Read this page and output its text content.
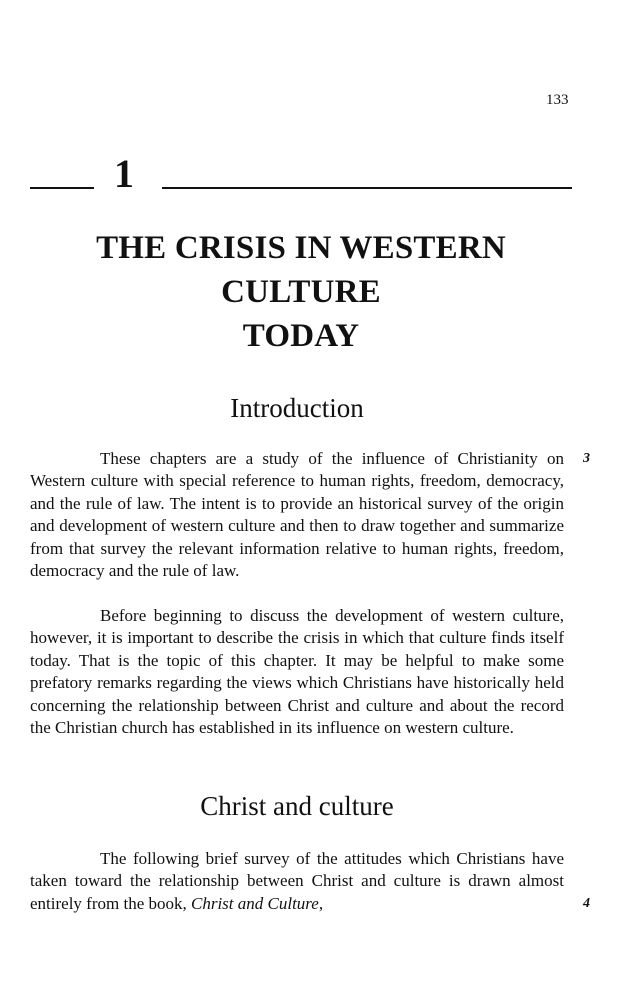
133
1
THE CRISIS IN WESTERN CULTURE
TODAY
Introduction

These chapters are a study of the influence of Christianity on Western culture with special reference to human rights, freedom, democracy, and the rule of law. The intent is to provide an historical survey of the origin and development of western culture and then to draw together and summarize from that survey the relevant information relative to human rights, freedom, democracy and the rule of law.

Before beginning to discuss the development of western culture, however, it is important to describe the crisis in which that culture finds itself today. That is the topic of this chapter. It may be helpful to make some prefatory remarks regarding the views which Christians have historically held concerning the relationship between Christ and culture and about the record the Christian church has established in its influence on western culture.

Christ and culture

The following brief survey of the attitudes which Christians have taken toward the relationship between Christ and culture is drawn almost entirely from the book, Christ and Culture,

3
4
